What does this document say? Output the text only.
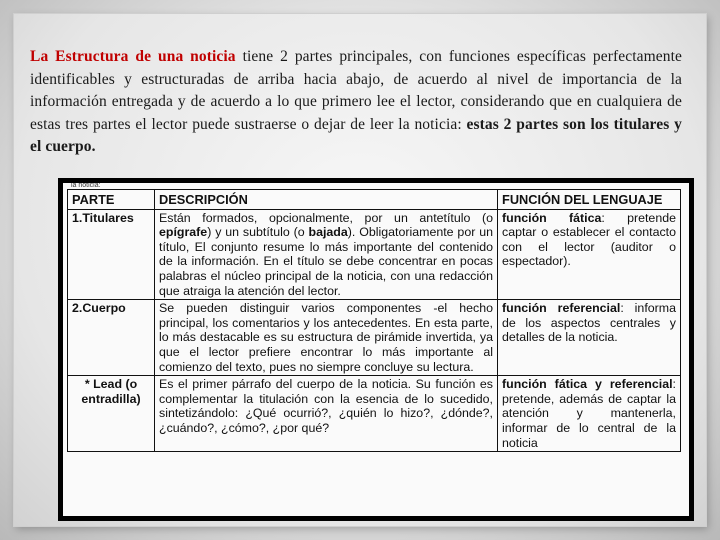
La Estructura de una noticia tiene 2 partes principales, con funciones específicas perfectamente identificables y estructuradas de arriba hacia abajo, de acuerdo al nivel de importancia de la información entregada y de acuerdo a lo que primero lee el lector, considerando que en cualquiera de estas tres partes el lector puede sustraerse o dejar de leer la noticia: estas 2 partes son los titulares y el cuerpo.
la noticia:
PARTE	DESCRIPCIÓN	FUNCIÓN DEL LENGUAJE
1.Titulares	Están formados, opcionalmente, por un antetítulo (o epígrafe) y un subtítulo (o bajada). Obligatoriamente por un título, El conjunto resume lo más importante del contenido de la información. En el título se debe concentrar en pocas palabras el núcleo principal de la noticia, con una redacción que atraiga la atención del lector.	función fática: pretende captar o establecer el contacto con el lector (auditor o espectador).
2.Cuerpo	Se pueden distinguir varios componentes -el hecho principal, los comentarios y los antecedentes. En esta parte, lo más destacable es su estructura de pirámide invertida, ya que el lector prefiere encontrar lo más importante al comienzo del texto, pues no siempre concluye su lectura.	función referencial: informa de los aspectos centrales y detalles de la noticia.
* Lead (o entradilla)	Es el primer párrafo del cuerpo de la noticia. Su función es complementar la titulación con la esencia de lo sucedido, sintetizándolo: ¿Qué ocurrió?, ¿quién lo hizo?, ¿dónde?, ¿cuándo?, ¿cómo?, ¿por qué?	función fática y referencial: pretende, además de captar la atención y mantenerla, informar de lo central de la noticia
